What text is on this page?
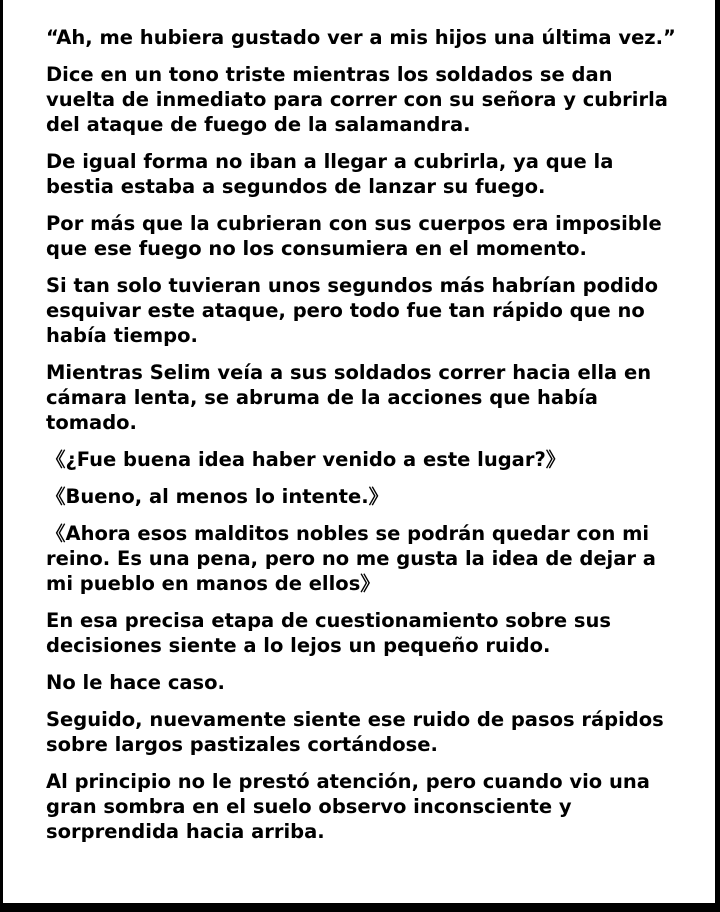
“Ah, me hubiera gustado ver a mis hijos una última vez.”

Dice en un tono triste mientras los soldados se dan vuelta de inmediato para correr con su señora y cubrirla del ataque de fuego de la salamandra.

De igual forma no iban a llegar a cubrirla, ya que la bestia estaba a segundos de lanzar su fuego.

Por más que la cubrieran con sus cuerpos era imposible que ese fuego no los consumiera en el momento.

Si tan solo tuvieran unos segundos más habrían podido esquivar este ataque, pero todo fue tan rápido que no había tiempo.

Mientras Selim veía a sus soldados correr hacia ella en cámara lenta, se abruma de la acciones que había tomado.

《¿Fue buena idea haber venido a este lugar?》

《Bueno, al menos lo intente.》

《Ahora esos malditos nobles se podrán quedar con mi reino. Es una pena, pero no me gusta la idea de dejar a mi pueblo en manos de ellos》

En esa precisa etapa de cuestionamiento sobre sus decisiones siente a lo lejos un pequeño ruido.

No le hace caso.

Seguido, nuevamente siente ese ruido de pasos rápidos sobre largos pastizales cortándose.

Al principio no le prestó atención, pero cuando vio una gran sombra en el suelo observo inconsciente y sorprendida hacia arriba.
